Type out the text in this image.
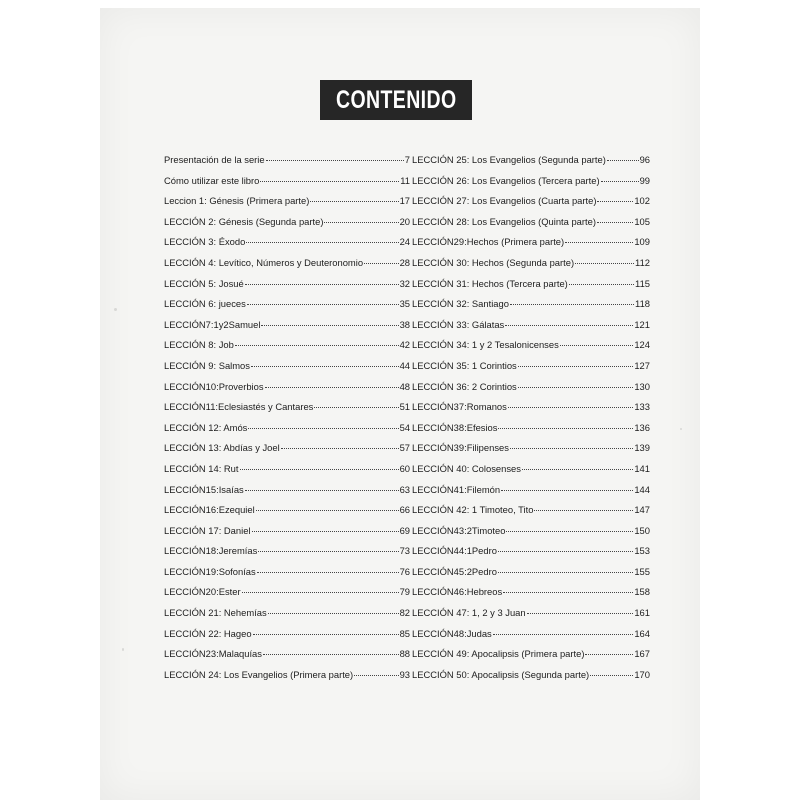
CONTENIDO
Presentación de la serie	7
Cómo utilizar este libro	11
Leccion 1: Génesis (Primera parte)	17
LECCIÓN 2: Génesis (Segunda parte)	20
LECCIÓN 3: Éxodo	24
LECCIÓN 4: Levítico, Números y Deuteronomio	28
LECCIÓN 5: Josué	32
LECCIÓN 6: jueces	35
LECCIÓN7:1y2Samuel	38
LECCIÓN 8: Job	42
LECCIÓN 9: Salmos	44
LECCIÓN10:Proverbios	48
LECCIÓN11:Eclesiastés y Cantares	51
LECCIÓN 12: Amós	54
LECCIÓN 13: Abdías y Joel	57
LECCIÓN 14: Rut	60
LECCIÓN15:Isaías	63
LECCIÓN16:Ezequiel	66
LECCIÓN 17: Daniel	69
LECCIÓN18:Jeremías	73
LECCIÓN19:Sofonías	76
LECCIÓN20:Ester	79
LECCIÓN 21: Nehemías	82
LECCIÓN 22: Hageo	85
LECCIÓN23:Malaquías	88
LECCIÓN 24: Los Evangelios (Primera parte)	93
LECCIÓN 25: Los Evangelios (Segunda parte)	96
LECCIÓN 26: Los Evangelios (Tercera parte)	99
LECCIÓN 27: Los Evangelios (Cuarta parte)	102
LECCIÓN 28: Los Evangelios (Quinta parte)	105
LECCIÓN29:Hechos (Primera parte)	109
LECCIÓN 30: Hechos (Segunda parte)	112
LECCIÓN 31: Hechos (Tercera parte)	115
LECCIÓN 32: Santiago	118
LECCIÓN 33: Gálatas	121
LECCIÓN 34: 1 y 2 Tesalonicenses	124
LECCIÓN 35: 1 Corintios	127
LECCIÓN 36: 2 Corintios	130
LECCIÓN37:Romanos	133
LECCIÓN38:Efesios	136
LECCIÓN39:Filipenses	139
LECCIÓN 40: Colosenses	141
LECCIÓN41:Filemón	144
LECCIÓN 42: 1 Timoteo, Tito	147
LECCIÓN43:2Timoteo	150
LECCIÓN44:1Pedro	153
LECCIÓN45:2Pedro	155
LECCIÓN46:Hebreos	158
LECCIÓN 47: 1, 2 y 3 Juan	161
LECCIÓN48:Judas	164
LECCIÓN 49: Apocalipsis (Primera parte)	167
LECCIÓN 50: Apocalipsis (Segunda parte)	170
